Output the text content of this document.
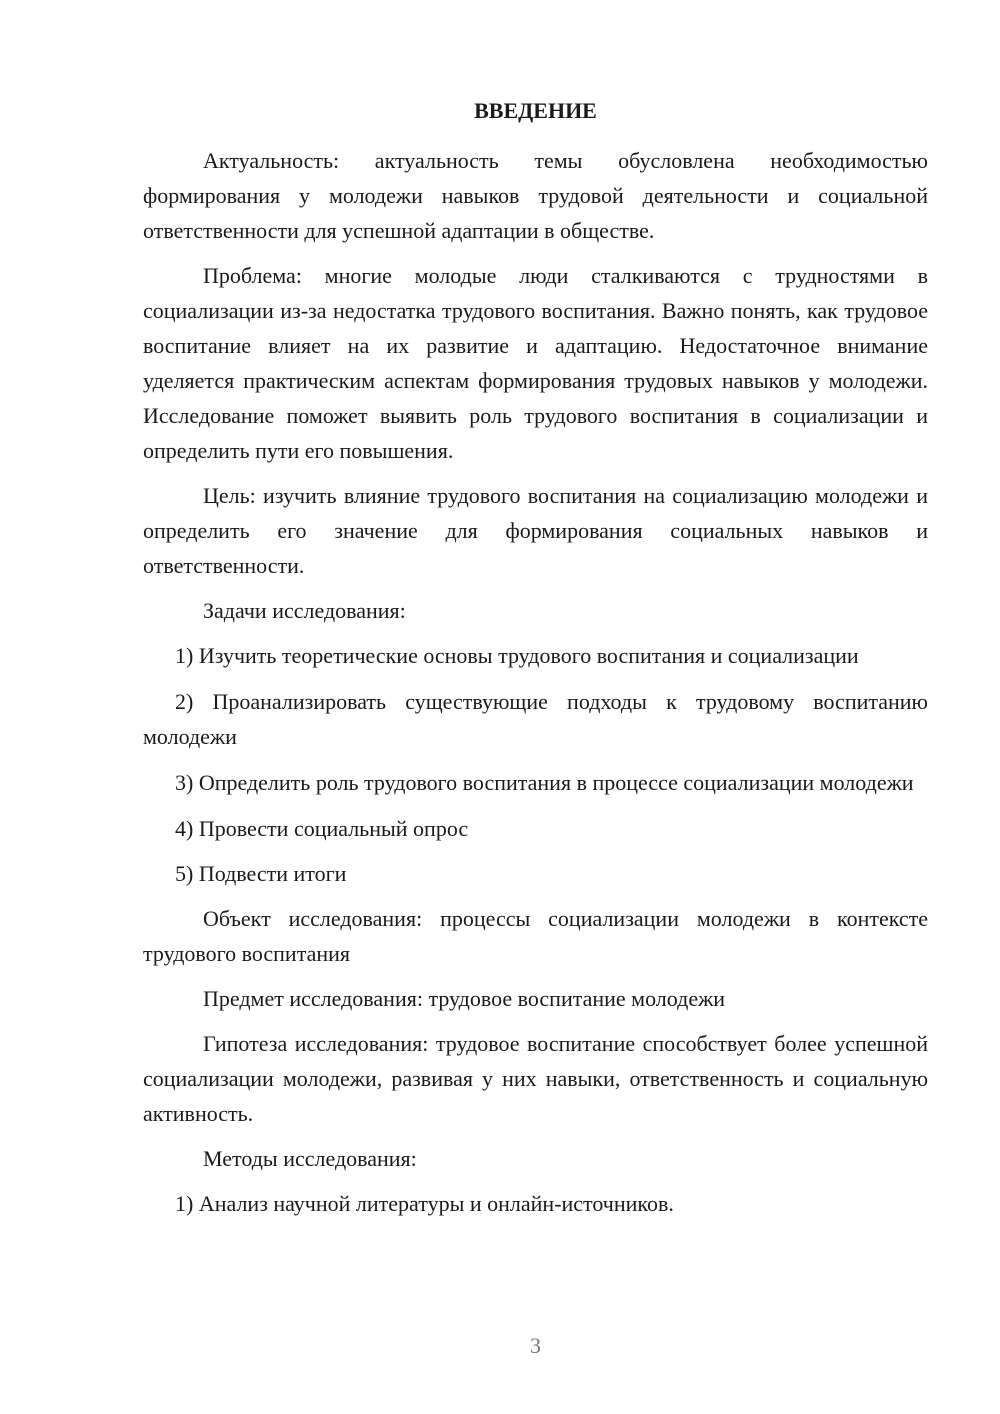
ВВЕДЕНИЕ

Актуальность: актуальность темы обусловлена необходимостью формирования у молодежи навыков трудовой деятельности и социальной ответственности для успешной адаптации в обществе.

Проблема: многие молодые люди сталкиваются с трудностями в социализации из-за недостатка трудового воспитания. Важно понять, как трудовое воспитание влияет на их развитие и адаптацию. Недостаточное внимание уделяется практическим аспектам формирования трудовых навыков у молодежи. Исследование поможет выявить роль трудового воспитания в социализации и определить пути его повышения.

Цель: изучить влияние трудового воспитания на социализацию молодежи и определить его значение для формирования социальных навыков и ответственности.

Задачи исследования:

1) Изучить теоретические основы трудового воспитания и социализации

2) Проанализировать существующие подходы к трудовому воспитанию молодежи

3) Определить роль трудового воспитания в процессе социализации молодежи

4) Провести социальный опрос

5) Подвести итоги

Объект исследования: процессы социализации молодежи в контексте трудового воспитания

Предмет исследования: трудовое воспитание молодежи

Гипотеза исследования: трудовое воспитание способствует более успешной социализации молодежи, развивая у них навыки, ответственность и социальную активность.

Методы исследования:

1) Анализ научной литературы и онлайн-источников.

3
